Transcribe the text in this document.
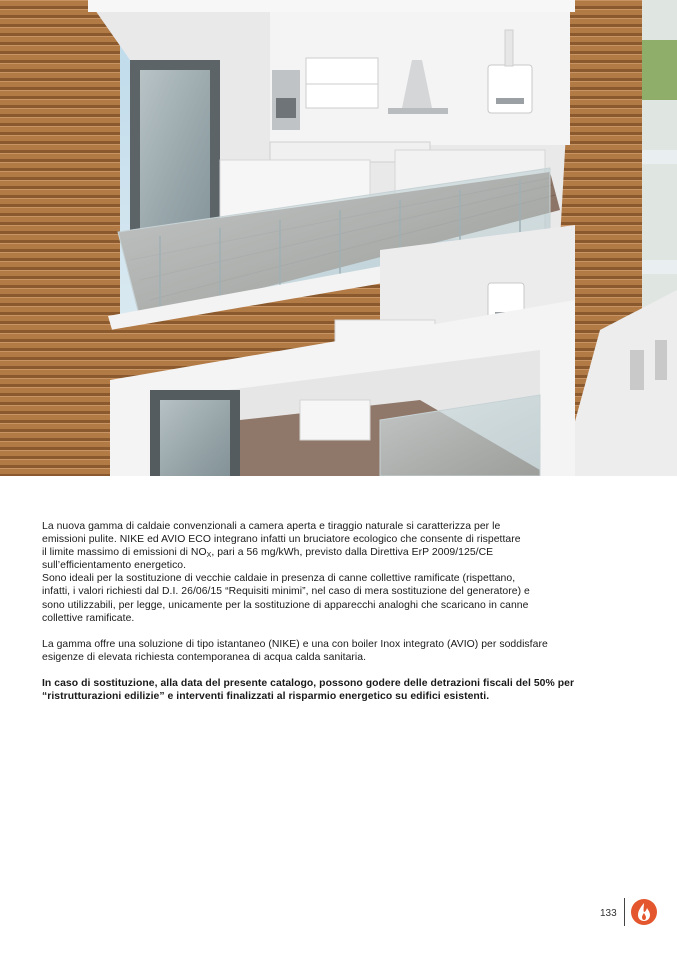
La nuova gamma di caldaie convenzionali a camera aperta e tiraggio naturale si caratterizza per le

emissioni pulite. NIKE ed AVIO ECO integrano infatti un bruciatore ecologico che consente di rispettare

il limite massimo di emissioni di $NO_X$, pari a 56 mg/kWh, previsto dalla Direttiva ErP 2009/125/CE

sull’efficientamento energetico.

Sono ideali per la sostituzione di vecchie caldaie in presenza di canne collettive ramificate (rispettano,

infatti, i valori richiesti dal D.I. 26/06/15 “Requisiti minimi”, nel caso di mera sostituzione del generatore) e

sono utilizzabili, per legge, unicamente per la sostituzione di apparecchi analoghi che scaricano in canne

collettive ramificate.

La gamma offre una soluzione di tipo istantaneo (NIKE) e una con boiler Inox integrato (AVIO) per soddisfare

esigenze di elevata richiesta contemporanea di acqua calda sanitaria.

In caso di sostituzione, alla data del presente catalogo, possono godere delle detrazioni fiscali del 50% per

“ristrutturazioni edilizie” e interventi finalizzati al risparmio energetico su edifici esistenti.

133
